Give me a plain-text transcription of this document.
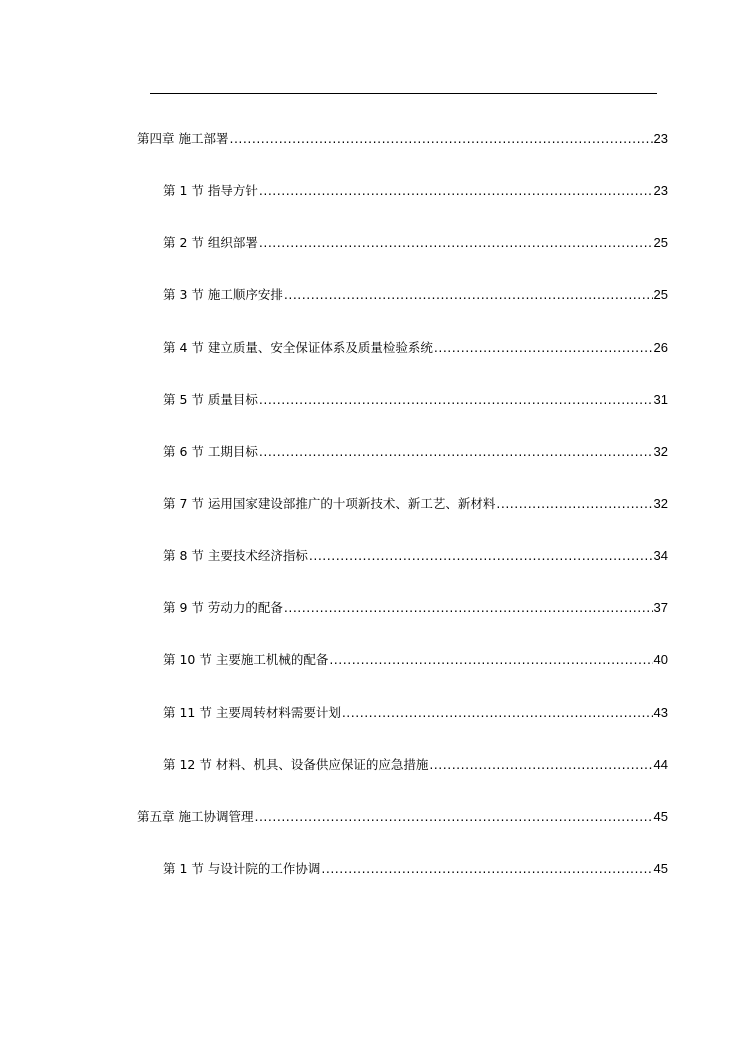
第四章 施工部署 .....	23
第 1 节 指导方针 .....	23
第 2 节 组织部署 .....	25
第 3 节 施工顺序安排 .....	25
第 4 节 建立质量、安全保证体系及质量检验系统 .....	26
第 5 节 质量目标 .....	31
第 6 节 工期目标 .....	32
第 7 节 运用国家建设部推广的十项新技术、新工艺、新材料 .....	32
第 8 节 主要技术经济指标 .....	34
第 9 节 劳动力的配备 .....	37
第 10 节 主要施工机械的配备 .....	40
第 11 节 主要周转材料需要计划 .....	43
第 12 节 材料、机具、设备供应保证的应急措施 .....	44
第五章 施工协调管理 .....	45
第 1 节 与设计院的工作协调 .....	45
